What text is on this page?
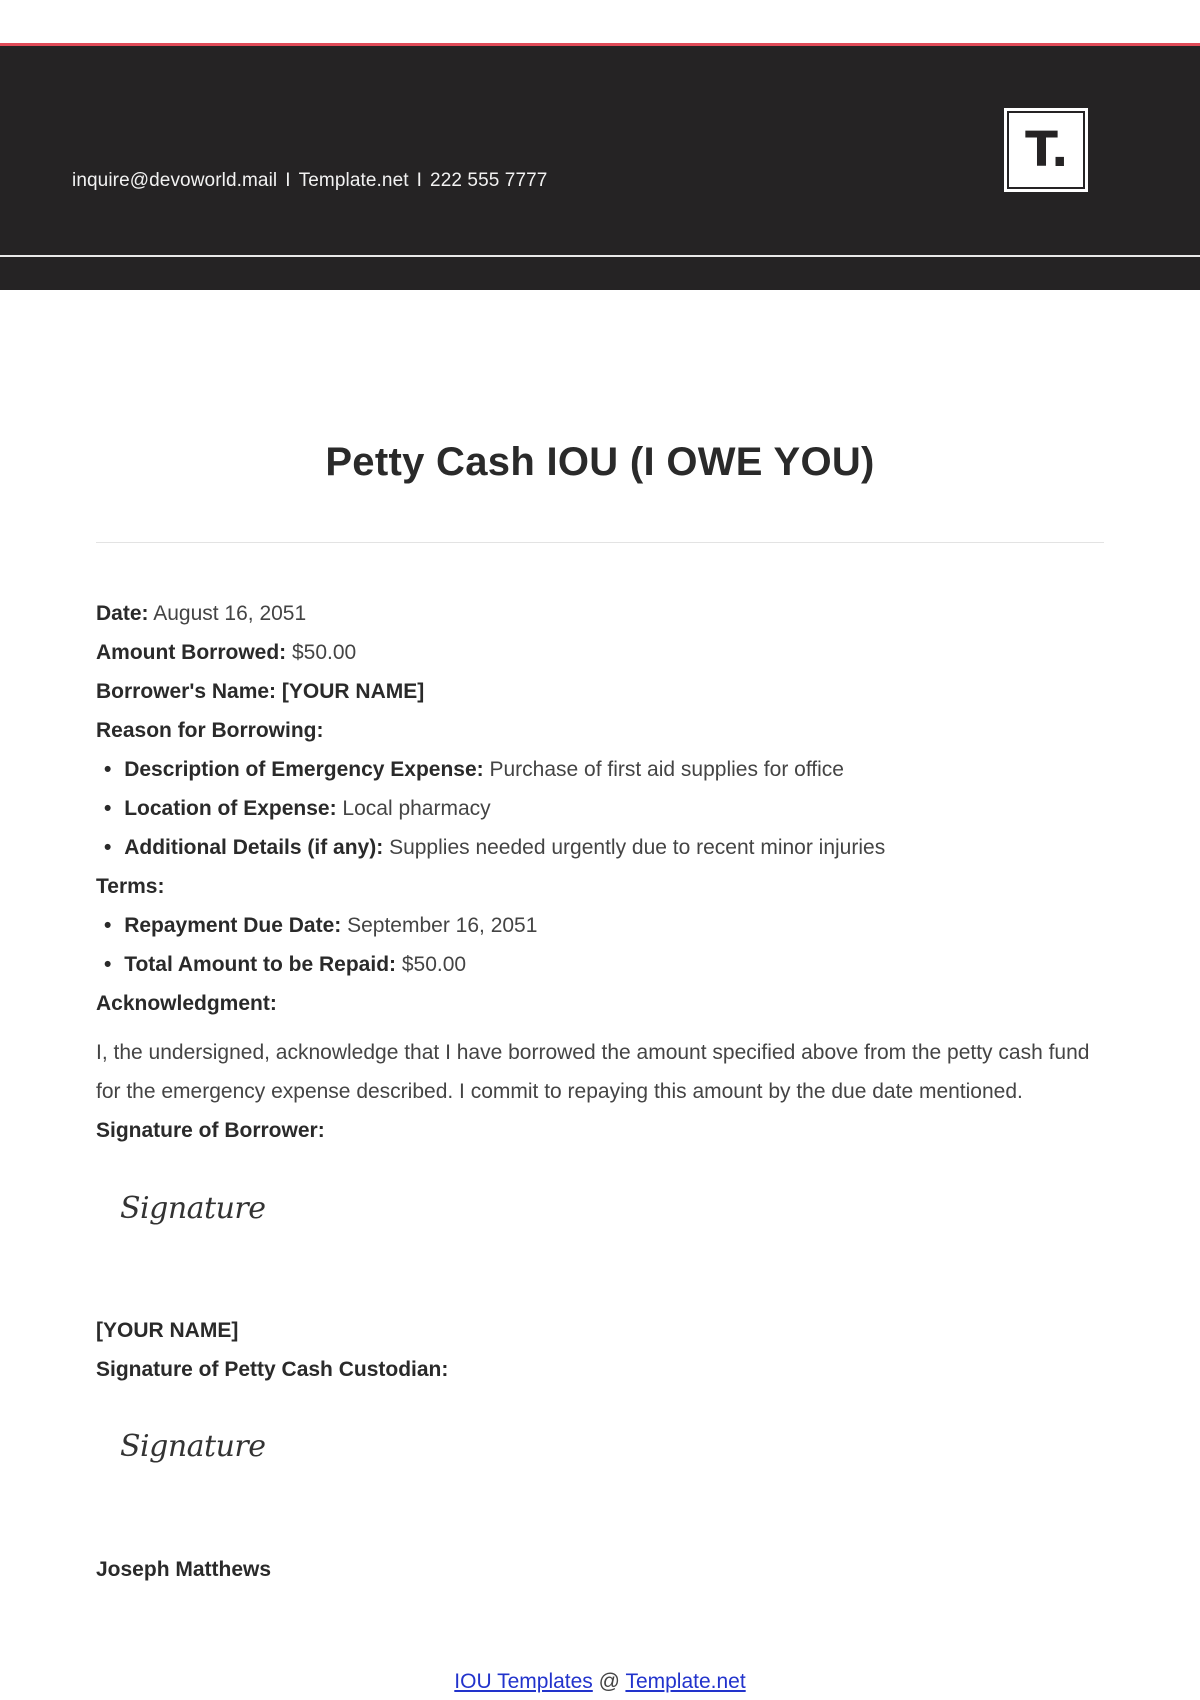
inquire@devoworld.mail I Template.net I 222 555 7777
T.
Petty Cash IOU (I OWE YOU)
Date: August 16, 2051
Amount Borrowed: $50.00
Borrower's Name: [YOUR NAME]
Reason for Borrowing:
• Description of Emergency Expense: Purchase of first aid supplies for office
• Location of Expense: Local pharmacy
• Additional Details (if any): Supplies needed urgently due to recent minor injuries
Terms:
• Repayment Due Date: September 16, 2051
• Total Amount to be Repaid: $50.00
Acknowledgment:
I, the undersigned, acknowledge that I have borrowed the amount specified above from the petty cash fund for the emergency expense described. I commit to repaying this amount by the due date mentioned.
Signature of Borrower:
Signature
[YOUR NAME]
Signature of Petty Cash Custodian:
Signature
Joseph Matthews
IOU Templates @ Template.net
